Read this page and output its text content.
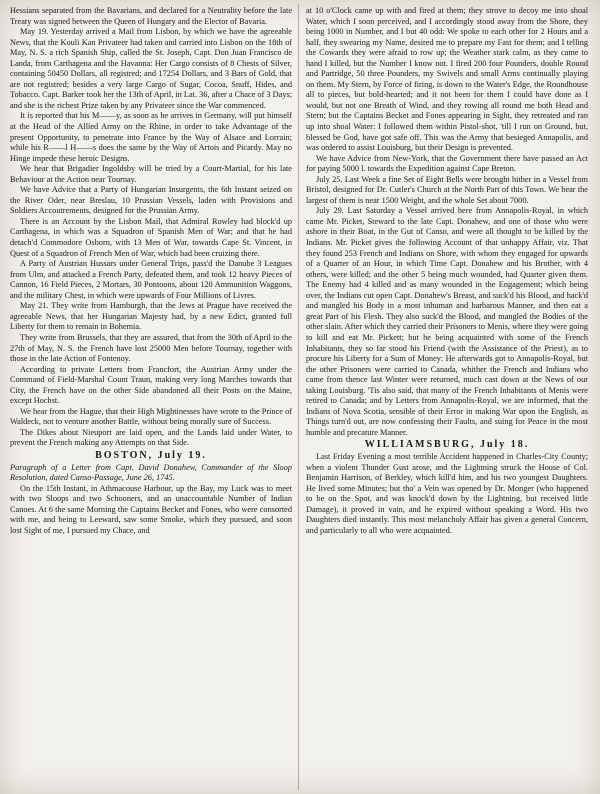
Hessians separated from the Bavarians, and declared for a Neutrality before the late Treaty was signed between the Queen of Hungary and the Elector of Bavaria.

May 19. Yesterday arrived a Mail from Lisbon, by which we have the agreeable News, that the Kouli Kan Privateer had taken and carried into Lisbon on the 18th of May, N. S. a rich Spanish Ship, called the St. Joseph, Capt. Don Juan Francisco de Landa, from Carthagena and the Havanna: Her Cargo consists of 8 Chests of Silver, containing 50450 Dollars, all registred; and 17254 Dollars, and 3 Bars of Gold, that are not registred; besides a very large Cargo of Sugar, Cocoa, Snuff, Hides, and Tobacco. Capt. Barker took her the 13th of April, in Lat. 36, after a Chace of 3 Days; and she is the richest Prize taken by any Privateer since the War commenced.

It is reported that his M——y, as soon as he arrives in Germany, will put himself at the Head of the Allied Army on the Rhine, in order to take Advantage of the present Opportunity, to penetrate into France by the Way of Alsace and Lorrain; while his R——l H——s does the same by the Way of Artois and Picardy. May no Hinge impede these heroic Designs.

We hear that Brigadier Ingoldsby will be tried by a Court-Martial, for his late Behaviour at the Action near Tournay.

We have Advice that a Party of Hungarian Insurgents, the 6th Instant seized on the River Oder, near Breslau, 10 Prussian Vessels, laden with Provisions and Soldiers Accoutrements, designed for the Prussian Army.

There is an Account by the Lisbon Mail, that Admiral Rowley had block'd up Carthagena, in which was a Squadron of Spanish Men of War; and that he had detach'd Commodore Osborn, with 13 Men of War, towards Cape St. Vincent, in Quest of a Squadron of French Men of War, which had been cruizing there.

A Party of Austrian Hussars under General Trips, pass'd the Danube 3 Leagues from Ulm, and attacked a French Party, defeated them, and took 12 heavy Pieces of Cannon, 16 Field Pieces, 2 Mortars, 30 Pontoons, about 120 Ammunition Waggons, and the military Chest, in which were upwards of Four Millions of Livres.

May 21. They write from Hamburgh, that the Jews at Prague have received the agreeable News, that her Hungarian Majesty had, by a new Edict, granted full Liberty for them to remain in Bohemia.

They write from Brussels, that they are assured, that from the 30th of April to the 27th of May, N. S. the French have lost 25000 Men before Tournay, together with those in the late Action of Fontenoy.

According to private Letters from Francfort, the Austrian Army under the Command of Field-Marshal Count Traun, making very long Marches towards that City, the French have on the other Side abandoned all their Posts on the Maine, except Hochst.

We hear from the Hague, that their High Mightinesses have wrote to the Prince of Waldeck, not to venture another Battle, without being morally sure of Success.

The Dikes about Nieuport are laid open, and the Lands laid under Water, to prevent the French making any Attempts on that Side.

BOSTON, July 19.

Paragraph of a Letter from Capt. David Donahew, Commander of the Sloop Resolution, dated Canso-Passage, June 26, 1745.

On the 15th Instant, in Athmacouse Harbour, up the Bay, my Luck was to meet with two Sloops and two Schooners, and an unaccountable Number of Indian Canoes. At 6 the same Morning the Captains Becket and Fones, who were consorted with me, and being to Leeward, saw some Smoke, which they pursued, and soon lost Sight of me, I pursued my Chace, and

at 10 o'Clock came up with and fired at them; they strove to decoy me into shoal Water, which I soon perceived, and I accordingly stood away from the Shore, they being 1000 in Number, and I but 40 odd: We spoke to each other for 2 Hours and a half, they swearing my Name, desired me to prepare my Fast for them; and I telling the Cowards they were afraid to row up; the Weather stark calm, as they came to hand I killed, but the Number I know not. I fired 200 four Pounders, double Round and Partridge, 50 three Pounders, my Swivels and small Arms continually playing on them. My Stern, by Force of firing, is down to the Water's Edge, the Roundhouse all to pieces, but bold-hearted; and it not been for them I could have done as I would, but not one Breath of Wind, and they rowing all round me both Head and Stern; but the Captains Becket and Fones appearing in Sight, they retreated and ran up into shoal Water: I followed them within Pistol-shot, 'till I run on Ground, but, blessed be God, have got safe off. This was the Army that besieged Annapolis, and was ordered to assist Louisburg, but their Design is prevented.

We have Advice from New-York, that the Government there have passed an Act for paying 5000 l. towards the Expedition against Cape Breton.

July 25. Last Week a fine Set of Eight Bells were brought hither in a Vessel from Bristol, designed for Dr. Cutler's Church at the North Part of this Town. We hear the largest of them is near 1500 Weight, and the whole Set about 7000.

July 29. Last Saturday a Vessel arrived here from Annapolis-Royal, in which came Mr. Picket, Steward to the late Capt. Donahew, and one of those who were ashore in their Boat, in the Gut of Canso, and were all thought to be killed by the Indians. Mr. Picket gives the following Account of that unhappy Affair, viz. That they found 253 French and Indians on Shore, with whom they engaged for upwards of a Quarter of an Hour, in which Time Capt. Donahew and his Brother, with 4 others, were killed; and the other 5 being much wounded, had Quarter given them. The Enemy had 4 killed and as many wounded in the Engagement; which being over, the Indians cut open Capt. Donahew's Breast, and suck'd his Blood, and hack'd and mangled his Body in a most inhuman and barbarous Manner, and then eat a great Part of his Flesh. They also suck'd the Blood, and mangled the Bodies of the other slain. After which they carried their Prisoners to Menis, where they were going to kill and eat Mr. Pickett; but he being acquainted with some of the French Inhabitants, they so far stood his Friend (with the Assistance of the Priest), as to procure his Liberty for a Sum of Money: He afterwards got to Annapolis-Royal, but the other Prisoners were carried to Canada, whither the French and Indians who came from thence last Winter were returned, much cast down at the News of our taking Louisburg. 'Tis also said, that many of the French Inhabitants of Menis were retired to Canada; and by Letters from Annapolis-Royal, we are informed, that the Indians of Nova Scotia, sensible of their Error in making War upon the English, as Things turn'd out, are now confessing their Faults, and suing for Peace in the most humble and precature Manner.

WILLIAMSBURG, July 18.

Last Friday Evening a most terrible Accident happened in Charles-City County; when a violent Thunder Gust arose, and the Lightning struck the House of Col. Benjamin Harrison, of Berkley, which kill'd him, and his two youngest Daughters. He lived some Minutes; but tho' a Vein was opened by Dr. Monger (who happened to be on the Spot, and was knock'd down by the Lightning, but received little Damage), it proved in vain, and he expired without speaking a Word. His two Daughters died instantly. This most melancholy Affair has given a general Concern, and particularly to all who were acquainted.
